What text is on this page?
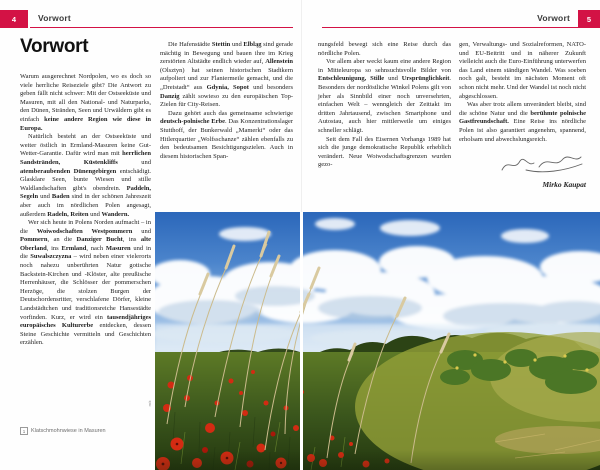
4	Vorwort	5
Vorwort
Vorwort

Warum ausgerechnet Nordpolen, wo es doch so viele herrliche Reiseziele gibt? Die Antwort zu geben fällt nicht schwer: Mit der Ostseeküste und Masuren, mit all den National- und Naturparks, den Dünen, Stränden, Seen und Urwäldern gibt es einfach keine andere Region wie diese in Europa.

Natürlich besteht an der Ostseeküste und weiter östlich in Ermland-Masuren keine Gut-Wetter-Garantie. Dafür wird man mit herrlichen Sandstränden, Küstenkliffs und atemberaubenden Dünengebirgen entschädigt. Glasklare Seen, bunte Wiesen und stille Waldlandschaften gibt's obendrein. Paddeln, Segeln und Baden sind in der schönen Jahreszeit aber auch im nördlichen Polen angesagt, außerdem Radeln, Reiten und Wandern.

Wer sich heute in Polens Norden aufmacht – in die Woiwodschaften Westpommern und Pommern, an die Danziger Bucht, ins alte Oberland, ins Ermland, nach Masuren und in die Suwalszczyzna – wird neben einer vielerorts noch nahezu unberührten Natur gotische Backstein-Kirchen und -Klöster, alte preußische Herrenhäuser, die Schlösser der pommerschen Herzöge, die stolzen Burgen der Deutschordensritter, verschlafene Dörfer, kleine Landstädtchen und traditionsreiche Hansestädte vorfinden. Kurz, er wird ein tausendjähriges europäisches Kulturerbe entdecken, dessen Steine Geschichte vermitteln und Geschichten erzählen.

Die Hafenstädte Stettin und Elbląg sind gerade mächtig in Bewegung und bauen ihre im Krieg zerstörten Altstädte endlich wieder auf, Allenstein (Olsztyn) hat seinen historischen Stadtkern aufpoliert und zur Flaniermeile gemacht, und die „Dreistadt“ aus Gdynia, Sopot und besonders Danzig zählt sowieso zu den europäischen Top-Zielen für City-Reisen.

Dazu gehört auch das gemeinsame schwierige deutsch-polnische Erbe. Das Konzentrationslager Stutthoff, der Bunkerwald „Mamerki“ oder das Hitlerquartier „Wolfsschanze“ zählen ebenfalls zu den bedeutsamen Besichtigungszielen. Auch in diesem historischen Span-

nungsfeld bewegt sich eine Reise durch das nördliche Polen.

Vor allem aber weckt kaum eine andere Region in Mitteleuropa so sehnsuchtsvolle Bilder von Entschleunigung, Stille und Ursprünglichkeit. Besonders der nordöstliche Winkel Polens gilt von jeher als Sinnbild einer noch unversehrten, einfachen Welt – wenngleich der Zeittakt im dritten Jahrtausend, zwischen Smartphone und Autostau, auch hier mittlerweile um einiges schneller schlägt.

Seit dem Fall des Eisernen Vorhangs 1989 hat sich die junge demokratische Republik erheblich verändert. Neue Woiwodschaftsgrenzen wurden gezo-

gen, Verwaltungs- und Sozialreformen, NATO- und EU-Beitritt und in näherer Zukunft vielleicht auch die Euro-Einführung unterwerfen das Land einem ständigen Wandel. Was soeben noch galt, besteht im nächsten Moment oft schon nicht mehr. Und der Wandel ist noch nicht abgeschlossen.

Was aber trotz allem unverändert bleibt, sind die schöne Natur und die berühmte polnische Gastfreundschaft. Eine Reise ins nördliche Polen ist also garantiert angenehm, spannend, erholsam und abwechslungsreich.

Mirko Kaupat
1	Klatschmohnwiese in Masuren
mk
